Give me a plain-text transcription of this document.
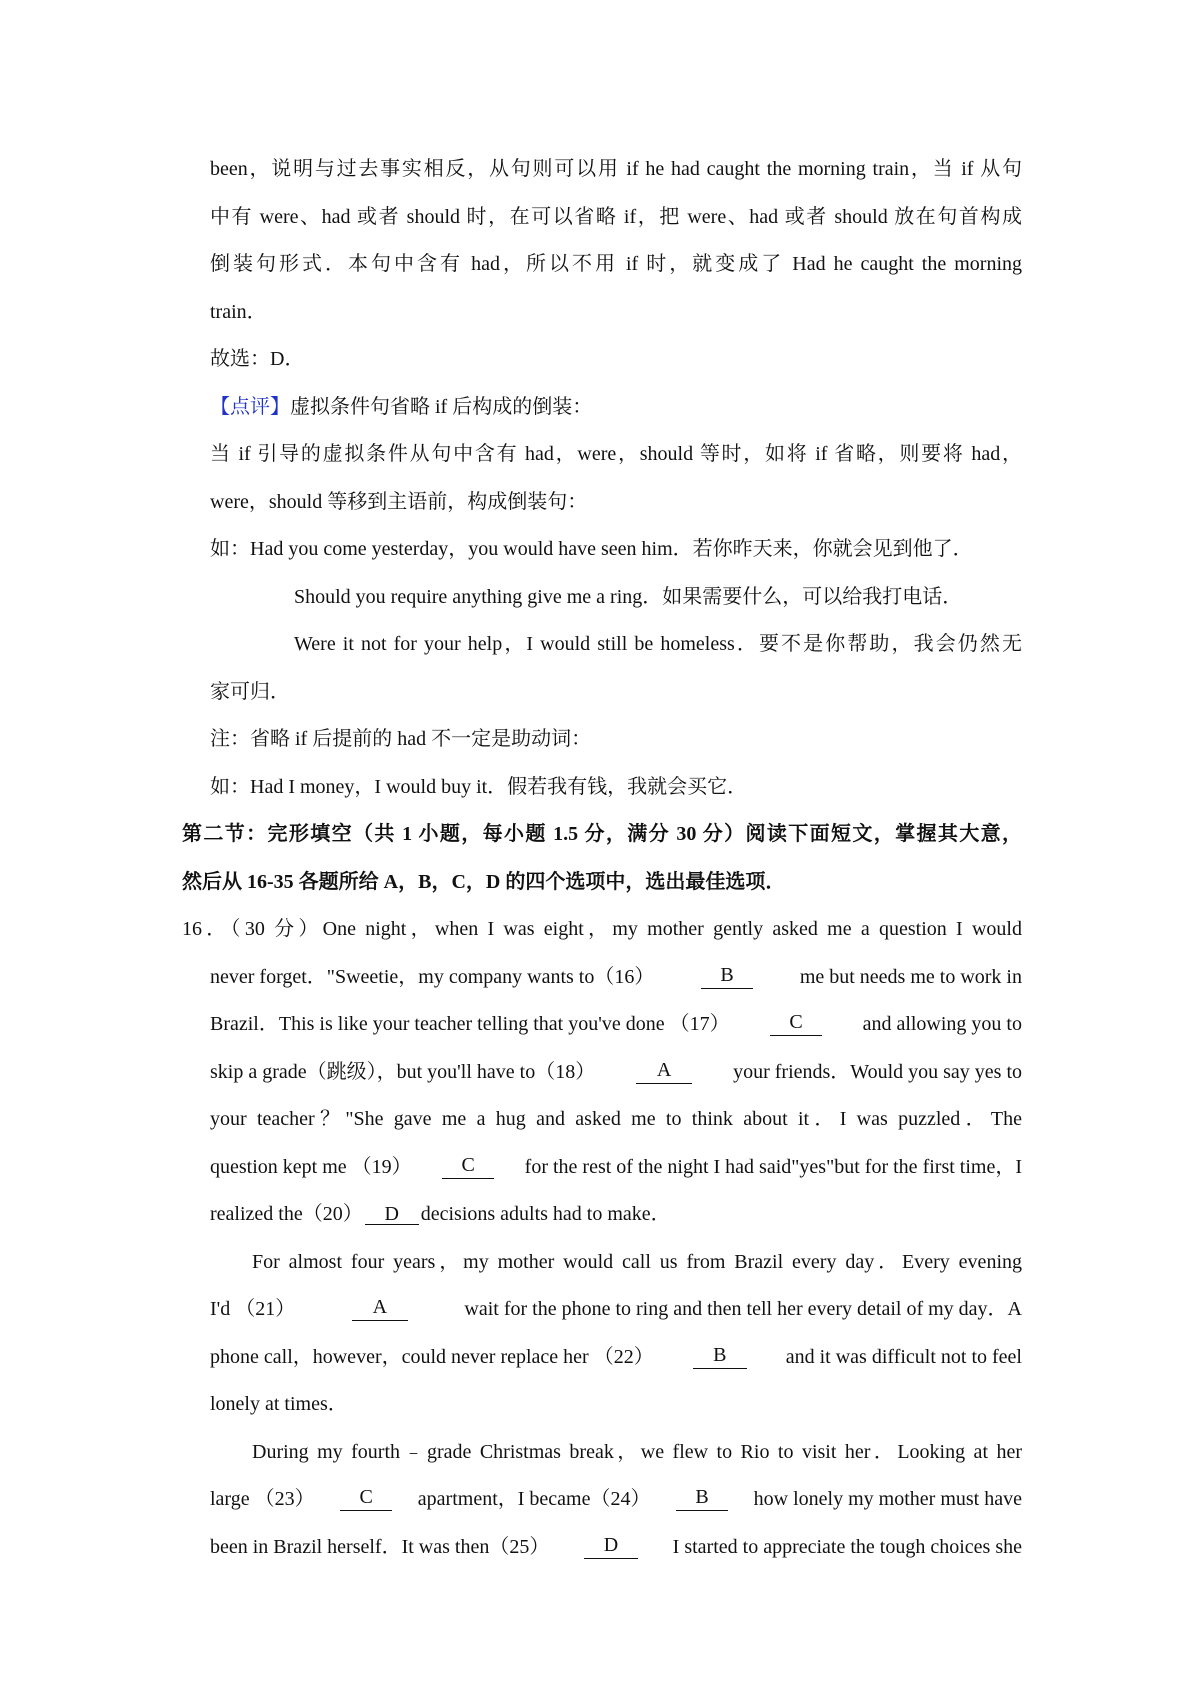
been，说明与过去事实相反，从句则可以用 if he had caught the morning train，当 if 从句
中有 were、had 或者 should 时，在可以省略 if，把 were、had 或者 should 放在句首构成
倒装句形式．本句中含有 had，所以不用 if 时，就变成了 Had he caught the morning
train．
故选：D．
【点评】虚拟条件句省略 if 后构成的倒装：
当 if 引导的虚拟条件从句中含有 had，were，should 等时，如将 if 省略，则要将 had，
were，should 等移到主语前，构成倒装句：
如：Had you come yesterday，you would have seen him．若你昨天来，你就会见到他了．
Should you require anything give me a ring．如果需要什么，可以给我打电话．
Were it not for your help，I would still be homeless．要不是你帮助，我会仍然无
家可归．
注：省略 if 后提前的 had 不一定是助动词：
如：Had I money，I would buy it．假若我有钱，我就会买它．
第二节：完形填空（共 1 小题，每小题 1.5 分，满分 30 分）阅读下面短文，掌握其大意，
然后从 16-35 各题所给 A，B，C，D 的四个选项中，选出最佳选项．
16．（30 分）One night，when I was eight，my mother gently asked me a question I would
never forget．"Sweetie，my company wants to（16）	B	me but needs me to work in
Brazil．This is like your teacher telling that you've done （17）	C	and allowing you to
skip a grade（跳级），but you'll have to（18）	A	your friends．Would you say yes to
your teacher？"She gave me a hug and asked me to think about it．I was puzzled．The
question kept me （19）	C	for the rest of the night I had said"yes"but for the first time，I
realized the（20） D decisions adults had to make．
For almost four years，my mother would call us from Brazil every day．Every evening
I'd （21）	A	wait for the phone to ring and then tell her every detail of my day．A
phone call，however，could never replace her （22）	B	and it was difficult not to feel
lonely at times．
During my fourth﹣grade Christmas break，we flew to Rio to visit her．Looking at her
large （23）	C	apartment，I became（24）	B	how lonely my mother must have
been in Brazil herself．It was then（25）	D	I started to appreciate the tough choices she
